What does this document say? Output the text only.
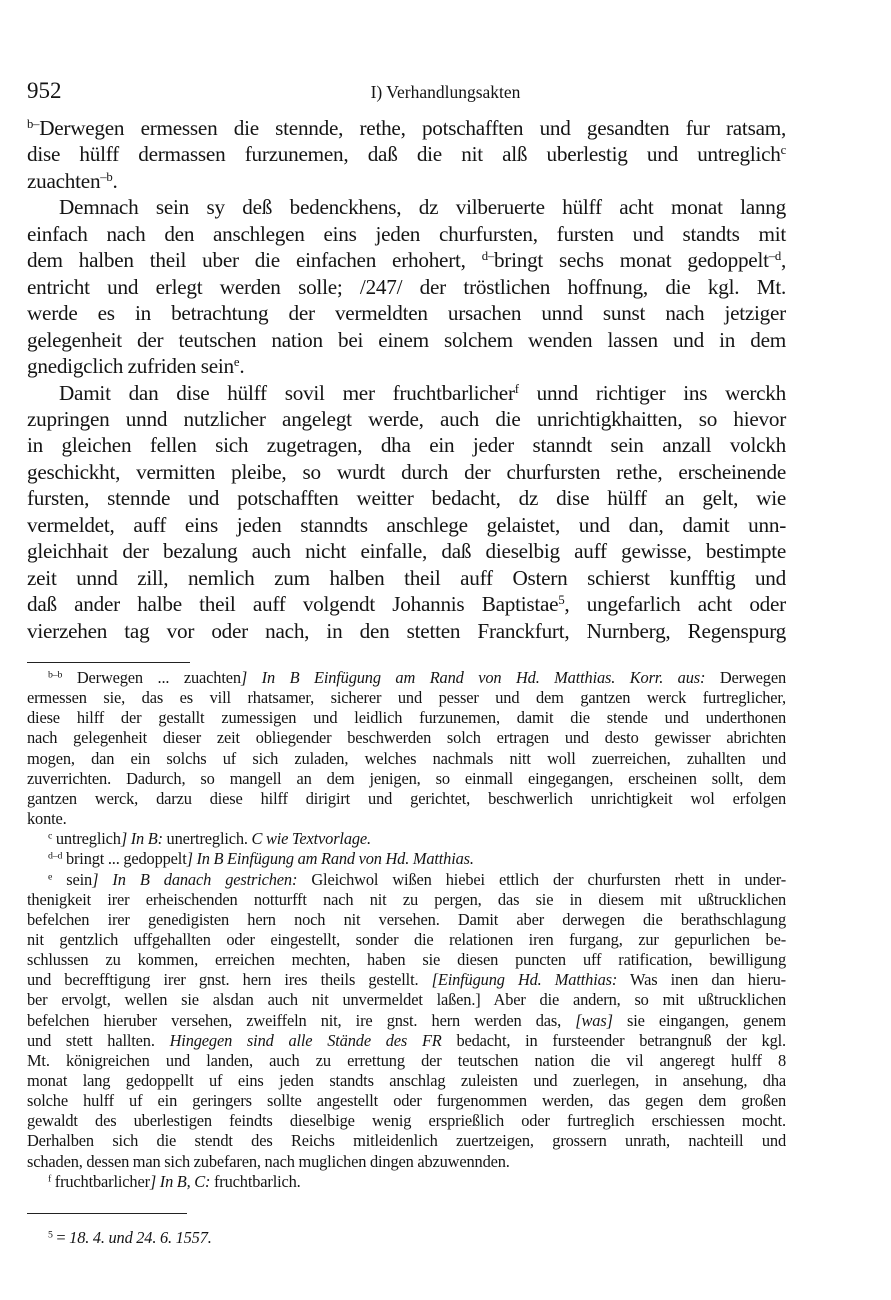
952	I) Verhandlungsakten
$^{b-}$Derwegen ermessen die stennde, rethe, potschafften und gesandten fur ratsam,
dise hülff dermassen furzunemen, daß die nit alß uberlestig und untreglich$^c$
zuachten$^{-b}$.
Demnach sein sy deß bedenckhens, dz vilberuerte hülff acht monat lanng
einfach nach den anschlegen eins jeden churfursten, fursten und standts mit
dem halben theil uber die einfachen erhohert, $^{d-}$bringt sechs monat gedoppelt$^{-d}$,
entricht und erlegt werden solle; /247/ der tröstlichen hoffnung, die kgl. Mt.
werde es in betrachtung der vermeldten ursachen unnd sunst nach jetziger
gelegenheit der teutschen nation bei einem solchem wenden lassen und in dem
gnedigclich zufriden sein$^e$.
Damit dan dise hülff sovil mer fruchtbarlicher$^f$ unnd richtiger ins werckh
zupringen unnd nutzlicher angelegt werde, auch die unrichtigkhaitten, so hievor
in gleichen fellen sich zugetragen, dha ein jeder stanndt sein anzall volckh
geschickht, vermitten pleibe, so wurdt durch der churfursten rethe, erscheinende
fursten, stennde und potschafften weitter bedacht, dz dise hülff an gelt, wie
vermeldet, auff eins jeden stanndts anschlege gelaistet, und dan, damit unn-
gleichhait der bezalung auch nicht einfalle, daß dieselbig auff gewisse, bestimpte
zeit unnd zill, nemlich zum halben theil auff Ostern schierst kunfftig und
daß ander halbe theil auff volgendt Johannis Baptistae$^5$, ungefarlich acht oder
vierzehen tag vor oder nach, in den stetten Franckfurt, Nurnberg, Regenspurg
$^{b-b}$ Derwegen ... zuachten] In B Einfügung am Rand von Hd. Matthias. Korr. aus: Derwegen
ermessen sie, das es vill rhatsamer, sicherer und pesser und dem gantzen werck furtreglicher,
diese hilff der gestallt zumessigen und leidlich furzunemen, damit die stende und underthonen
nach gelegenheit dieser zeit obliegender beschwerden solch ertragen und desto gewisser abrichten
mogen, dan ein solchs uf sich zuladen, welches nachmals nitt woll zuerreichen, zuhallten und
zuverrichten. Dadurch, so mangell an dem jenigen, so einmall eingegangen, erscheinen sollt, dem
gantzen werck, darzu diese hilff dirigirt und gerichtet, beschwerlich unrichtigkeit wol erfolgen
konte.
$^c$ untreglich] In B: unertreglich. C wie Textvorlage.
$^{d-d}$ bringt ... gedoppelt] In B Einfügung am Rand von Hd. Matthias.
$^e$ sein] In B danach gestrichen: Gleichwol wißen hiebei ettlich der churfursten rhett in under-
thenigkeit irer erheischenden notturfft nach nit zu pergen, das sie in diesem mit ußtrucklichen
befelchen irer genedigisten hern noch nit versehen. Damit aber derwegen die berathschlagung
nit gentzlich uffgehallten oder eingestellt, sonder die relationen iren furgang, zur gepurlichen be-
schlussen zu kommen, erreichen mechten, haben sie diesen puncten uff ratification, bewilligung
und becrefftigung irer gnst. hern ires theils gestellt. [Einfügung Hd. Matthias: Was inen dan hieru-
ber ervolgt, wellen sie alsdan auch nit unvermeldet laßen.] Aber die andern, so mit ußtrucklichen
befelchen hieruber versehen, zweiffeln nit, ire gnst. hern werden das, [was] sie eingangen, genem
und stett hallten. Hingegen sind alle Stände des FR bedacht, in fursteender betrangnuß der kgl.
Mt. königreichen und landen, auch zu errettung der teutschen nation die vil angeregt hulff 8
monat lang gedoppellt uf eins jeden standts anschlag zuleisten und zuerlegen, in ansehung, dha
solche hulff uf ein geringers sollte angestellt oder furgenommen werden, das gegen dem großen
gewaldt des uberlestigen feindts dieselbige wenig ersprießlich oder furtreglich erschiessen mocht.
Derhalben sich die stendt des Reichs mitleidenlich zuertzeigen, grossern unrath, nachteill und
schaden, dessen man sich zubefaren, nach muglichen dingen abzuwennden.
$^f$ fruchtbarlicher] In B, C: fruchtbarlich.
$^5$ = 18. 4. und 24. 6. 1557.
